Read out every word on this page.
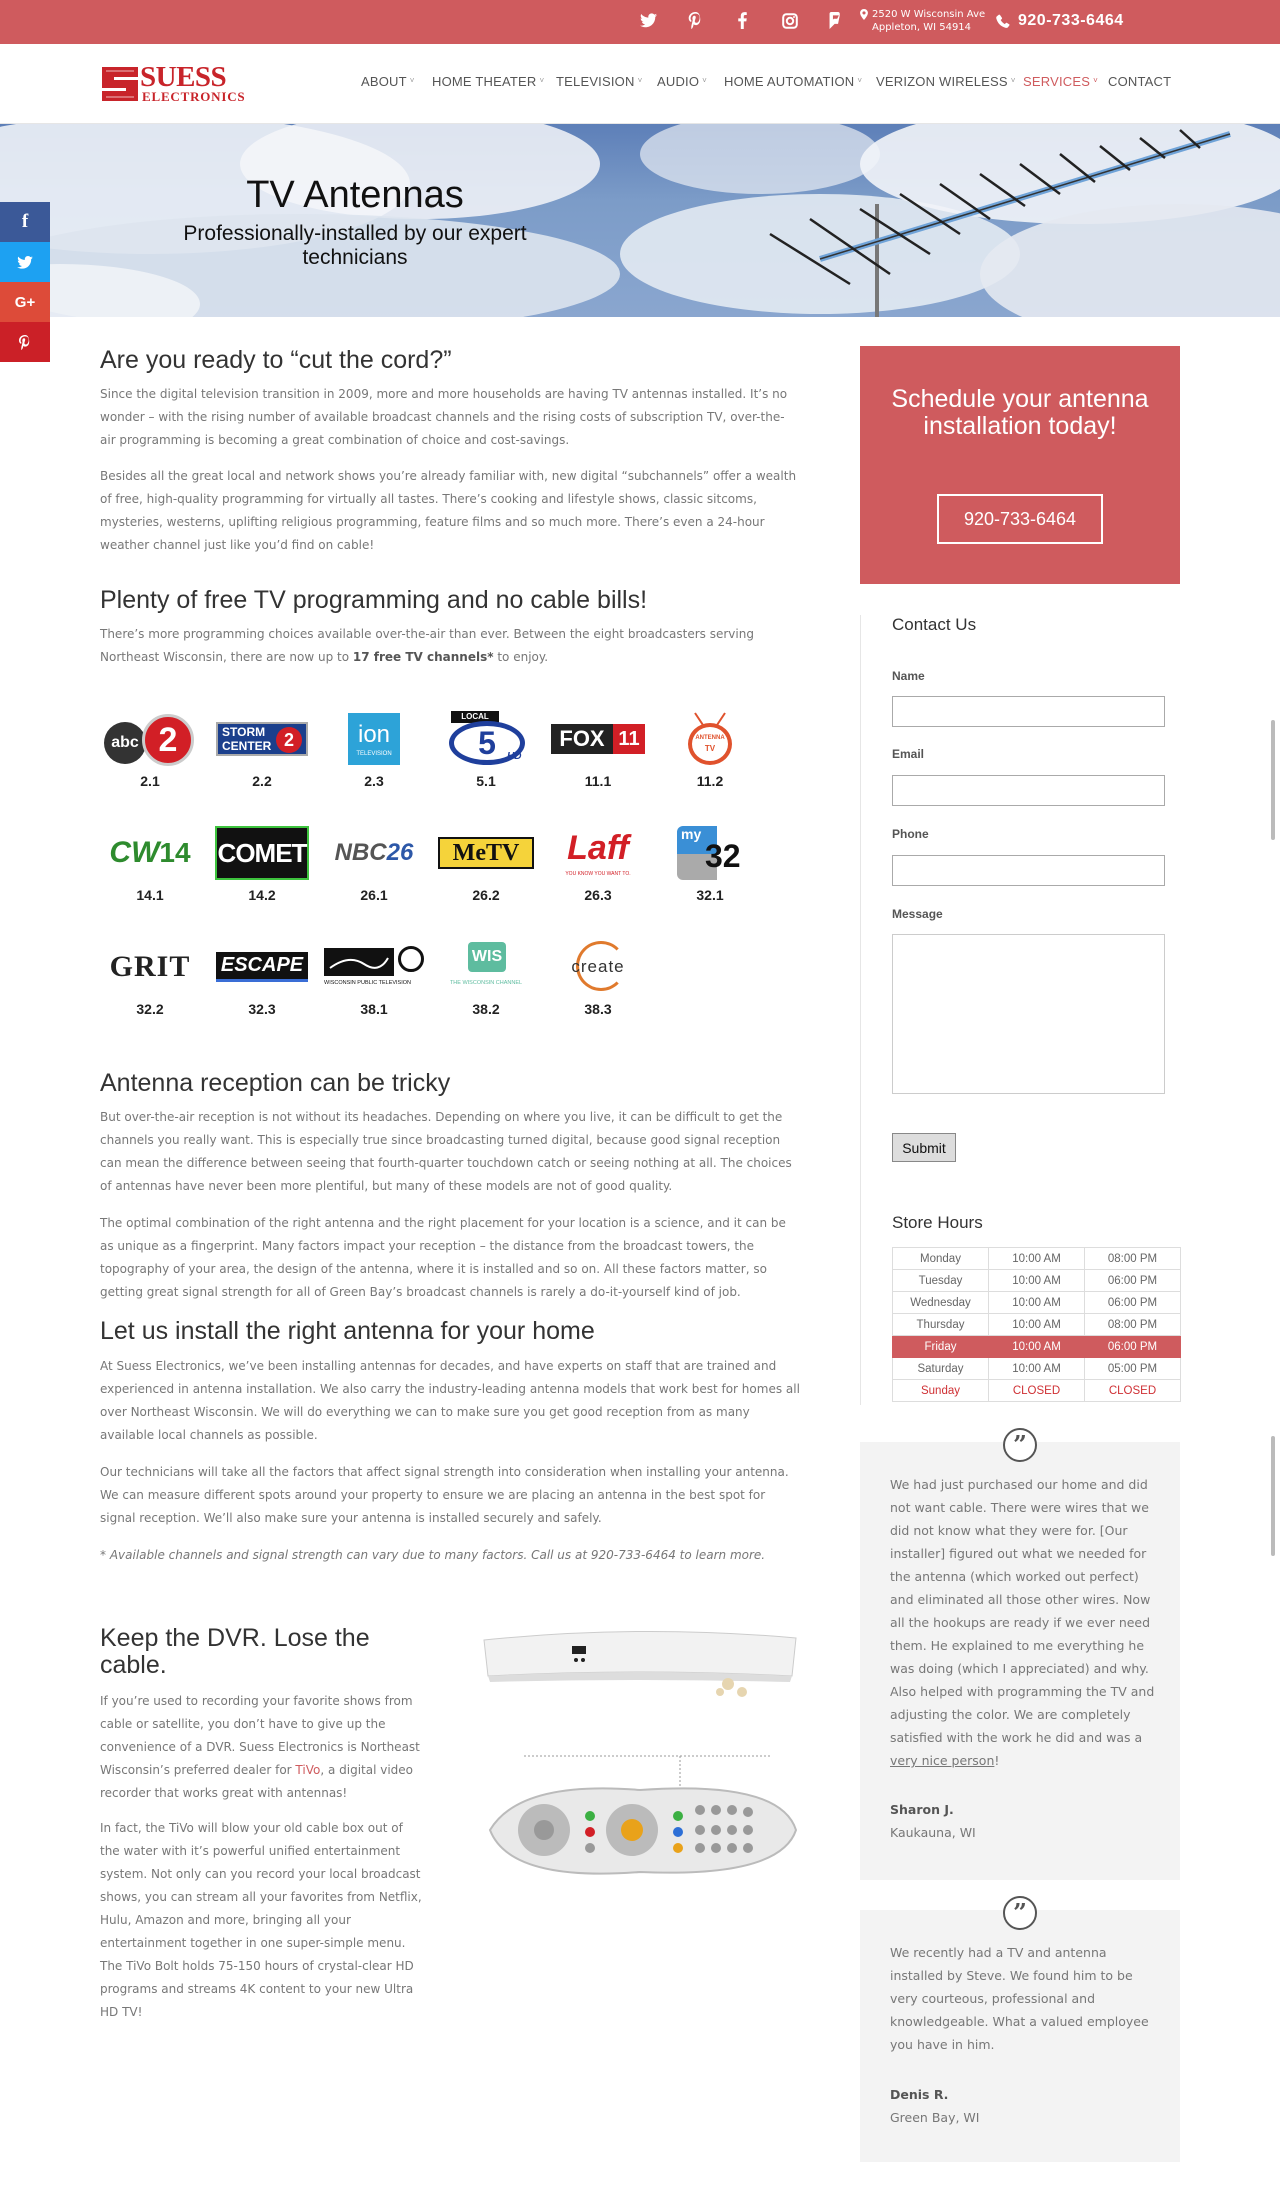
2520 W Wisconsin Ave
Appleton, WI 54914	920-733-6464
SUESS
ELECTRONICS
ABOUT ˅ HOME THEATER ˅ TELEVISION ˅ AUDIO ˅ HOME AUTOMATION ˅ VERIZON WIRELESS ˅ SERVICES ˅ CONTACT
TV Antennas
Professionally-installed by our expert technicians
f
G+
Are you ready to “cut the cord?”

Since the digital television transition in 2009, more and more households are having TV antennas installed. It’s no wonder – with the rising number of available broadcast channels and the rising costs of subscription TV, over-the-air programming is becoming a great combination of choice and cost-savings.

Besides all the great local and network shows you’re already familiar with, new digital “subchannels” offer a wealth of free, high-quality programming for virtually all tastes. There’s cooking and lifestyle shows, classic sitcoms, mysteries, westerns, uplifting religious programming, feature films and so much more. There’s even a 24-hour weather channel just like you’d find on cable!

Plenty of free TV programming and no cable bills!

There’s more programming choices available over-the-air than ever. Between the eight broadcasters serving Northeast Wisconsin, there are now up to 17 free TV channels* to enjoy.

abc 2
2.1
STORM
CENTER 2
2.2
ion
TELEVISION
2.3
LOCAL
5	HD
5.1
FOX 11
11.1
ANTENNA
TV
11.2
CW 14
14.1
COMET
14.2
NBC 26
26.1
MeTV
26.2
Laff
YOU KNOW YOU WANT TO.
26.3
my
32
32.1
GRIT
32.2
ESCAPE
32.3
WISCONSIN PUBLIC TELEVISION
38.1
WIS
THE WISCONSIN CHANNEL
38.2
create
38.3
Antenna reception can be tricky

But over-the-air reception is not without its headaches. Depending on where you live, it can be difficult to get the channels you really want. This is especially true since broadcasting turned digital, because good signal reception can mean the difference between seeing that fourth-quarter touchdown catch or seeing nothing at all. The choices of antennas have never been more plentiful, but many of these models are not of good quality.

The optimal combination of the right antenna and the right placement for your location is a science, and it can be as unique as a fingerprint. Many factors impact your reception – the distance from the broadcast towers, the topography of your area, the design of the antenna, where it is installed and so on. All these factors matter, so getting great signal strength for all of Green Bay’s broadcast channels is rarely a do-it-yourself kind of job.

Let us install the right antenna for your home

At Suess Electronics, we’ve been installing antennas for decades, and have experts on staff that are trained and experienced in antenna installation. We also carry the industry-leading antenna models that work best for homes all over Northeast Wisconsin. We will do everything we can to make sure you get good reception from as many available local channels as possible.

Our technicians will take all the factors that affect signal strength into consideration when installing your antenna. We can measure different spots around your property to ensure we are placing an antenna in the best spot for signal reception. We’ll also make sure your antenna is installed securely and safely.

* Available channels and signal strength can vary due to many factors. Call us at 920-733-6464 to learn more.

Keep the DVR. Lose the cable.

If you’re used to recording your favorite shows from cable or satellite, you don’t have to give up the convenience of a DVR. Suess Electronics is Northeast Wisconsin’s preferred dealer for TiVo, a digital video recorder that works great with antennas!

In fact, the TiVo will blow your old cable box out of the water with it’s powerful unified entertainment system. Not only can you record your local broadcast shows, you can stream all your favorites from Netflix, Hulu, Amazon and more, bringing all your entertainment together in one super-simple menu. The TiVo Bolt holds 75-150 hours of crystal-clear HD programs and streams 4K content to your new Ultra HD TV!

Schedule your antenna installation today!
920-733-6464
Contact Us
Name
Email
Phone
Message
Submit
Store Hours
Monday	10:00 AM	08:00 PM
Tuesday	10:00 AM	06:00 PM
Wednesday	10:00 AM	06:00 PM
Thursday	10:00 AM	08:00 PM
Friday	10:00 AM	06:00 PM
Saturday	10:00 AM	05:00 PM
Sunday	CLOSED	CLOSED
”
We had just purchased our home and did not want cable. There were wires that we did not know what they were for. [Our installer] figured out what we needed for the antenna (which worked out perfect) and eliminated all those other wires. Now all the hookups are ready if we ever need them. He explained to me everything he was doing (which I appreciated) and why. Also helped with programming the TV and adjusting the color. We are completely satisfied with the work he did and was a very nice person!
Sharon J.
Kaukauna, WI
”
We recently had a TV and antenna installed by Steve. We found him to be very courteous, professional and knowledgeable. What a valued employee you have in him.
Denis R.
Green Bay, WI
